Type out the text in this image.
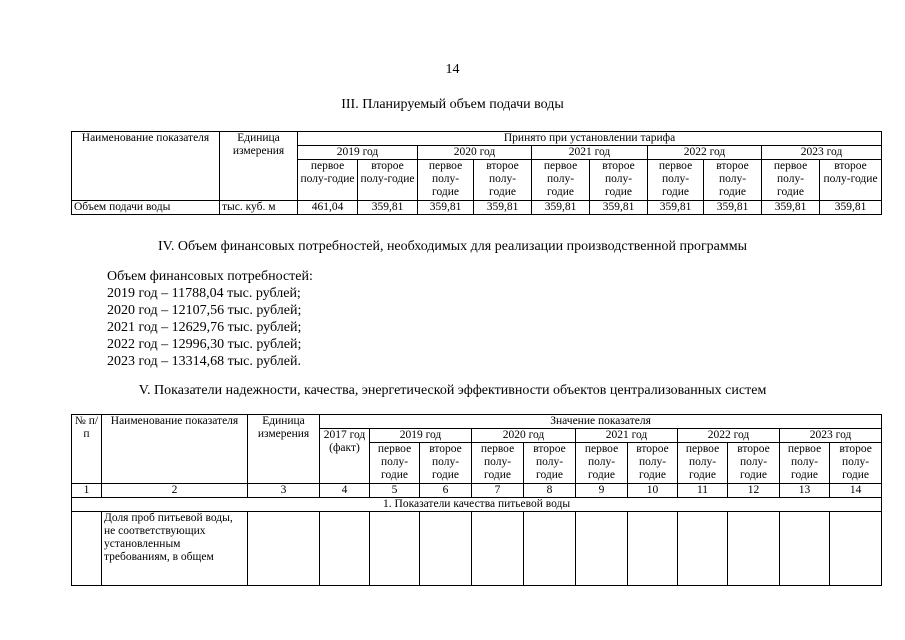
14
III. Планируемый объем подачи воды
Наименование показателя	Единица измерения	Принято при установлении тарифа									
		2019 год		2020 год		2021 год		2022 год		2023 год	
		первое полу-годие	второе полу-годие	первое полу-годие	второе полу-годие	первое полу-годие	второе полу-годие	первое полу-годие	второе полу-годие	первое полу-годие	второе полу-годие
Объем подачи воды	тыс. куб. м	461,04	359,81	359,81	359,81	359,81	359,81	359,81	359,81	359,81	359,81
IV. Объем финансовых потребностей, необходимых для реализации производственной программы
Объем финансовых потребностей:
2019 год – 11788,04 тыс. рублей;
2020 год – 12107,56 тыс. рублей;
2021 год – 12629,76 тыс. рублей;
2022 год – 12996,30 тыс. рублей;
2023 год – 13314,68 тыс. рублей.
V. Показатели надежности, качества, энергетической эффективности объектов централизованных систем
№ п/п	Наименование показателя	Единица измерения	Значение показателя										
			2017 год (факт)	2019 год		2020 год		2021 год		2022 год		2023 год	
				первое полу-годие	второе полу-годие	первое полу-годие	второе полу-годие	первое полу-годие	второе полу-годие	первое полу-годие	второе полу-годие	первое полу-годие	второе полу-годие
1	2	3	4	5	6	7	8	9	10	11	12	13	14
1. Показатели качества питьевой воды													
	Доля проб питьевой воды, не соответствующих установленным требованиям, в общем												
